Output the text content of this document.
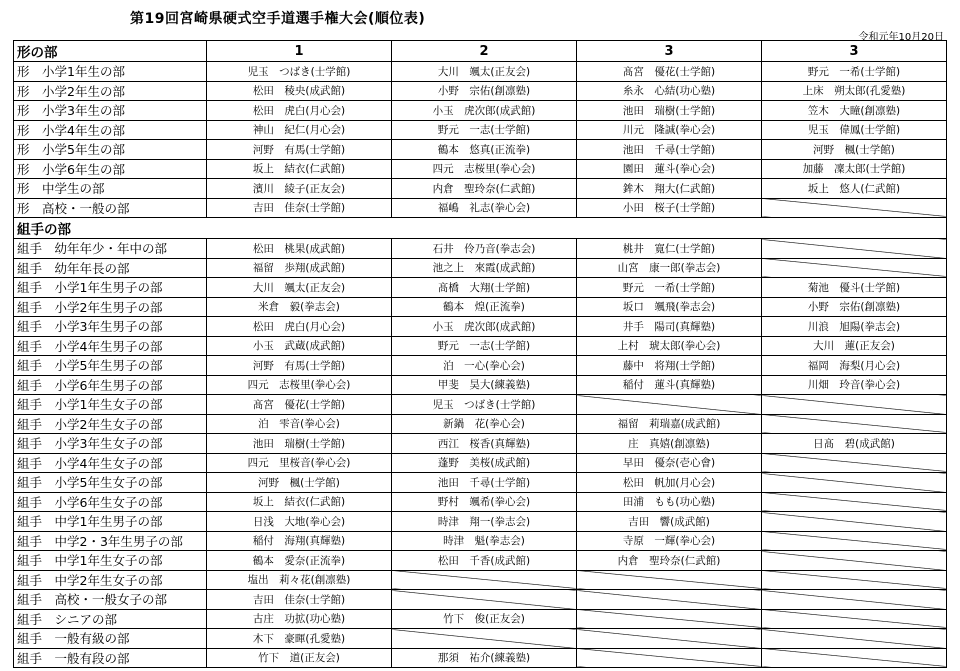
第19回宮崎県硬式空手道選手権大会(順位表)
令和元年10月20日
形の部	1	2	3	3
形　小学1年生の部	児玉　つばき(士学館)	大川　颯太(正友会)	髙宮　優花(士学館)	野元　一希(士学館)
形　小学2年生の部	松田　稜央(成武館)	小野　宗佑(創凛塾)	糸永　心結(功心塾)	上床　朔太郎(孔愛塾)
形　小学3年生の部	松田　虎白(月心会)	小玉　虎次郎(成武館)	池田　瑞樹(士学館)	笠木　大瞳(創凛塾)
形　小学4年生の部	神山　紀仁(月心会)	野元　一志(士学館)	川元　隆誠(拳心会)	児玉　偉鳳(士学館)
形　小学5年生の部	河野　有馬(士学館)	鶴本　悠真(正流拳)	池田　千尋(士学館)	河野　楓(士学館)
形　小学6年生の部	坂上　結衣(仁武館)	四元　志桜里(拳心会)	園田　蓮斗(拳心会)	加藤　凜太郎(士学館)
形　中学生の部	濱川　綾子(正友会)	内倉　聖玲奈(仁武館)	鉾木　翔大(仁武館)	坂上　悠人(仁武館)
形　高校・一般の部	吉田　佳奈(士学館)	福嶋　礼志(拳心会)	小田　桜子(士学館)	
組手の部				
組手　幼年年少・年中の部	松田　桃果(成武館)	石井　伶乃音(拳志会)	桃井　寛仁(士学館)	
組手　幼年年長の部	福留　歩翔(成武館)	池之上　來霞(成武館)	山宮　康一郎(拳志会)	
組手　小学1年生男子の部	大川　颯太(正友会)	髙橋　大翔(士学館)	野元　一希(士学館)	菊池　優斗(士学館)
組手　小学2年生男子の部	米倉　毅(拳志会)	鶴本　煌(正流拳)	坂口　颯飛(拳志会)	小野　宗佑(創凛塾)
組手　小学3年生男子の部	松田　虎白(月心会)	小玉　虎次郎(成武館)	井手　陽司(真輝塾)	川浪　旭陽(拳志会)
組手　小学4年生男子の部	小玉　武蔵(成武館)	野元　一志(士学館)	上村　琥太郎(拳心会)	大川　蓮(正友会)
組手　小学5年生男子の部	河野　有馬(士学館)	泊　一心(拳心会)	藤中　将翔(士学館)	福岡　海梨(月心会)
組手　小学6年生男子の部	四元　志桜里(拳心会)	甲斐　昊大(練義塾)	稲付　蓮斗(真輝塾)	川畑　玲音(拳心会)
組手　小学1年生女子の部	髙宮　優花(士学館)	児玉　つばき(士学館)		
組手　小学2年生女子の部	泊　雫音(拳心会)	新鍋　花(拳心会)	福留　莉瑞嘉(成武館)	
組手　小学3年生女子の部	池田　瑞樹(士学館)	西江　桜香(真輝塾)	庄　真嬉(創凛塾)	日髙　碧(成武館)
組手　小学4年生女子の部	四元　里桜音(拳心会)	蓬野　美桜(成武館)	早田　優奈(壱心會)	
組手　小学5年生女子の部	河野　楓(士学館)	池田　千尋(士学館)	松田　帆加(月心会)	
組手　小学6年生女子の部	坂上　結衣(仁武館)	野村　颯希(拳心会)	田浦　もも(功心塾)	
組手　中学1年生男子の部	日浅　大地(拳心会)	時津　翔一(拳志会)	吉田　響(成武館)	
組手　中学2・3年生男子の部	稲付　海翔(真輝塾)	時津　魁(拳志会)	寺原　一輝(拳心会)	
組手　中学1年生女子の部	鶴本　愛奈(正流拳)	松田　千香(成武館)	内倉　聖玲奈(仁武館)	
組手　中学2年生女子の部	塩出　莉々花(創凛塾)			
組手　高校・一般女子の部	吉田　佳奈(士学館)			
組手　シニアの部	古庄　功拡(功心塾)	竹下　俊(正友会)		
組手　一般有級の部	木下　豪暉(孔愛塾)			
組手　一般有段の部	竹下　道(正友会)	那須　祐介(練義塾)		
